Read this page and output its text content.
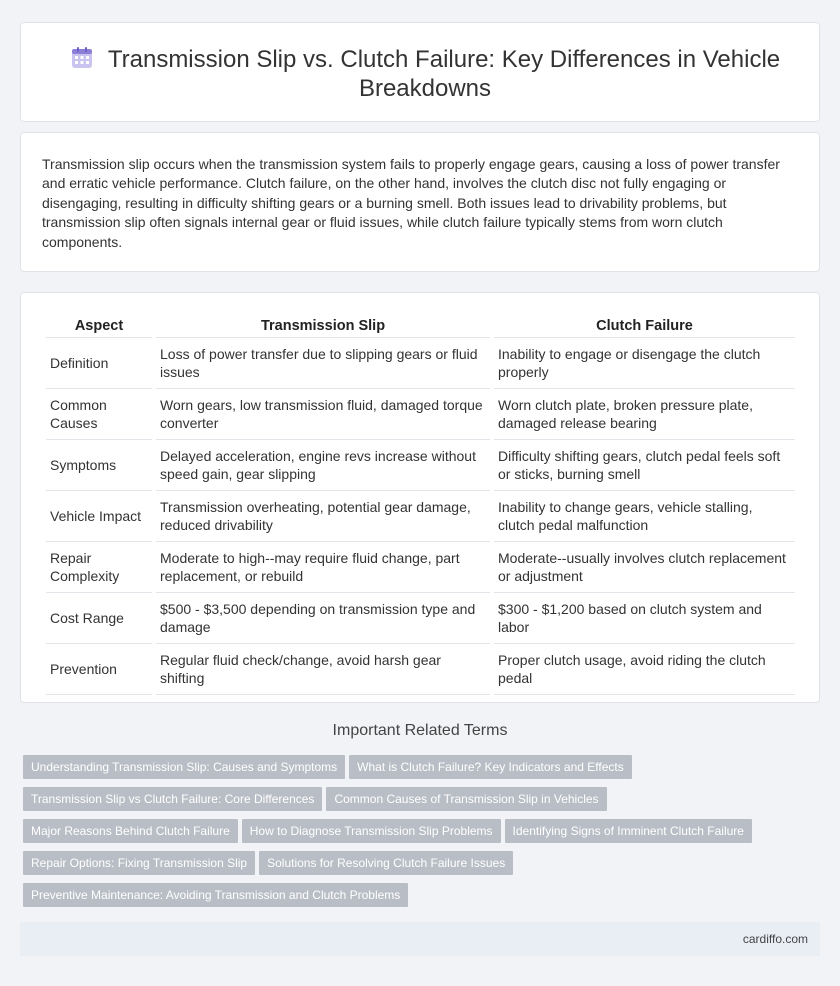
Transmission Slip vs. Clutch Failure: Key Differences in Vehicle Breakdowns

Transmission slip occurs when the transmission system fails to properly engage gears, causing a loss of power transfer and erratic vehicle performance. Clutch failure, on the other hand, involves the clutch disc not fully engaging or disengaging, resulting in difficulty shifting gears or a burning smell. Both issues lead to drivability problems, but transmission slip often signals internal gear or fluid issues, while clutch failure typically stems from worn clutch components.

Aspect	Transmission Slip	Clutch Failure
Definition	Loss of power transfer due to slipping gears or fluid issues	Inability to engage or disengage the clutch properly
Common Causes	Worn gears, low transmission fluid, damaged torque converter	Worn clutch plate, broken pressure plate, damaged release bearing
Symptoms	Delayed acceleration, engine revs increase without speed gain, gear slipping	Difficulty shifting gears, clutch pedal feels soft or sticks, burning smell
Vehicle Impact	Transmission overheating, potential gear damage, reduced drivability	Inability to change gears, vehicle stalling, clutch pedal malfunction
Repair Complexity	Moderate to high--may require fluid change, part replacement, or rebuild	Moderate--usually involves clutch replacement or adjustment
Cost Range	$500 - $3,500 depending on transmission type and damage	$300 - $1,200 based on clutch system and labor
Prevention	Regular fluid check/change, avoid harsh gear shifting	Proper clutch usage, avoid riding the clutch pedal
Important Related Terms
Understanding Transmission Slip: Causes and Symptoms What is Clutch Failure? Key Indicators and Effects
Transmission Slip vs Clutch Failure: Core Differences Common Causes of Transmission Slip in Vehicles
Major Reasons Behind Clutch Failure How to Diagnose Transmission Slip Problems Identifying Signs of Imminent Clutch Failure
Repair Options: Fixing Transmission Slip Solutions for Resolving Clutch Failure Issues
Preventive Maintenance: Avoiding Transmission and Clutch Problems
cardiffo.com
